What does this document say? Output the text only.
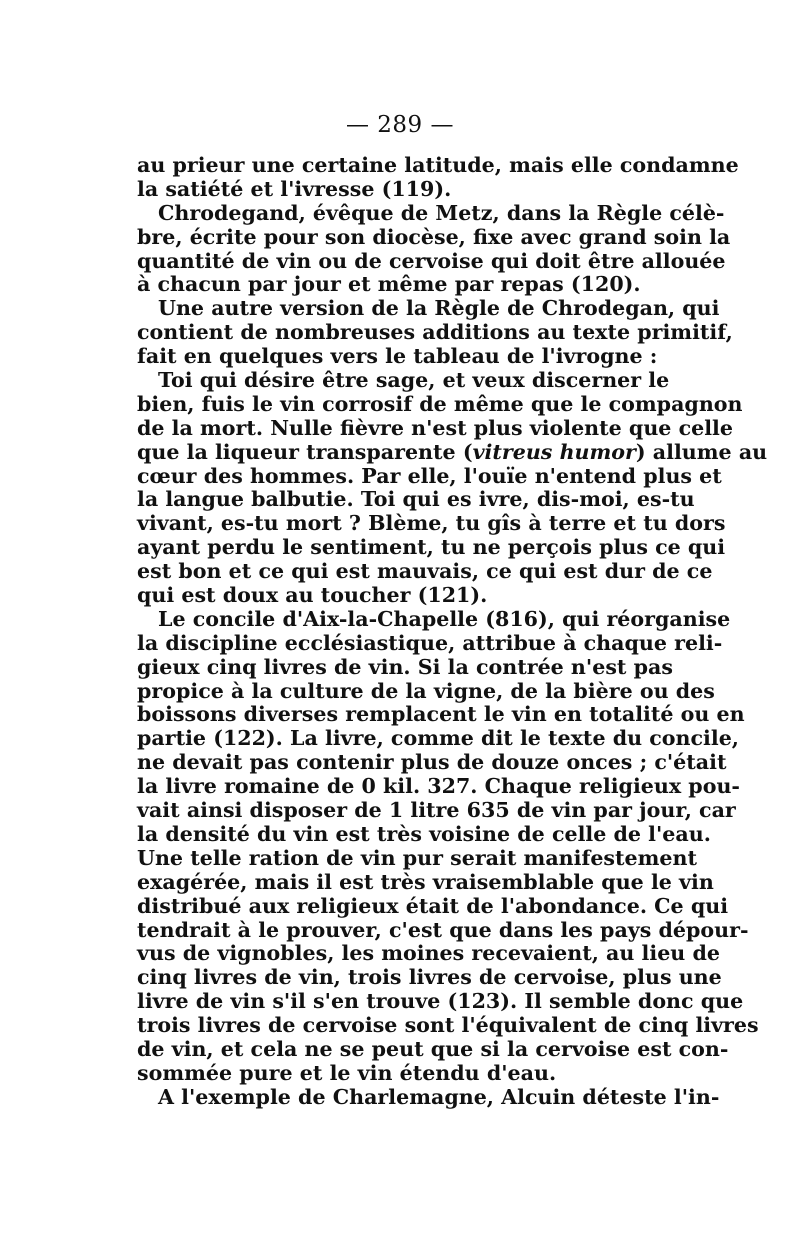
— 289 —
au prieur une certaine latitude, mais elle condamne
la satiété et l'ivresse (119).
Chrodegand, évêque de Metz, dans la Règle célè-
bre, écrite pour son diocèse, fixe avec grand soin la
quantité de vin ou de cervoise qui doit être allouée
à chacun par jour et même par repas (120).
Une autre version de la Règle de Chrodegan, qui
contient de nombreuses additions au texte primitif,
fait en quelques vers le tableau de l'ivrogne :
Toi qui désire être sage, et veux discerner le
bien, fuis le vin corrosif de même que le compagnon
de la mort. Nulle fièvre n'est plus violente que celle
que la liqueur transparente (vitreus humor) allume au
cœur des hommes. Par elle, l'ouïe n'entend plus et
la langue balbutie. Toi qui es ivre, dis-moi, es-tu
vivant, es-tu mort ? Blème, tu gîs à terre et tu dors
ayant perdu le sentiment, tu ne perçois plus ce qui
est bon et ce qui est mauvais, ce qui est dur de ce
qui est doux au toucher (121).
Le concile d'Aix-la-Chapelle (816), qui réorganise
la discipline ecclésiastique, attribue à chaque reli-
gieux cinq livres de vin. Si la contrée n'est pas
propice à la culture de la vigne, de la bière ou des
boissons diverses remplacent le vin en totalité ou en
partie (122). La livre, comme dit le texte du concile,
ne devait pas contenir plus de douze onces ; c'était
la livre romaine de 0 kil. 327. Chaque religieux pou-
vait ainsi disposer de 1 litre 635 de vin par jour, car
la densité du vin est très voisine de celle de l'eau.
Une telle ration de vin pur serait manifestement
exagérée, mais il est très vraisemblable que le vin
distribué aux religieux était de l'abondance. Ce qui
tendrait à le prouver, c'est que dans les pays dépour-
vus de vignobles, les moines recevaient, au lieu de
cinq livres de vin, trois livres de cervoise, plus une
livre de vin s'il s'en trouve (123). Il semble donc que
trois livres de cervoise sont l'équivalent de cinq livres
de vin, et cela ne se peut que si la cervoise est con-
sommée pure et le vin étendu d'eau.
A l'exemple de Charlemagne, Alcuin déteste l'in-
